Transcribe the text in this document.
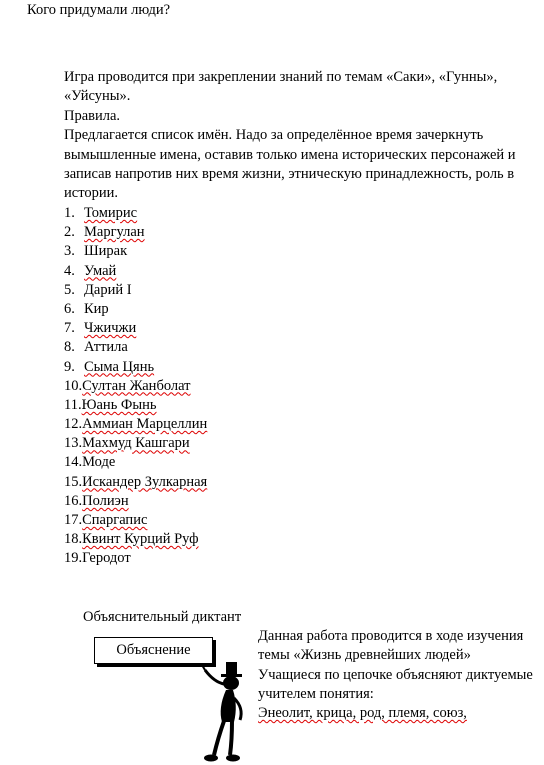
Кого придумали люди?

Игра проводится при закреплении знаний по темам «Саки», «Гунны»,

«Уйсуны».

Правила.

Предлагается список имён. Надо за определённое время зачеркнуть вымышленные имена, оставив только имена исторических персонажей и записав напротив них время жизни, этническую принадлежность, роль в истории.

1. Томирис
2. Маргулан
3. Ширак
4. Умай
5. Дарий I
6. Кир
7. Чжичжи
8. Аттила
9. Сыма Цянь
10.Султан Жанболат
11.Юань Фынь
12.Аммиан Марцеллин
13.Махмуд Кашгари
14.Моде
15.Искандер Зулкарная
16.Полиэн
17.Спаргапис
18.Квинт Курций Руф
19.Геродот
Объяснительный диктант
Объяснение

Данная работа проводится в ходе изучения темы «Жизнь древнейших людей»

Учащиеся по цепочке объясняют диктуемые учителем понятия:

Энеолит, крица, род, племя, союз,
